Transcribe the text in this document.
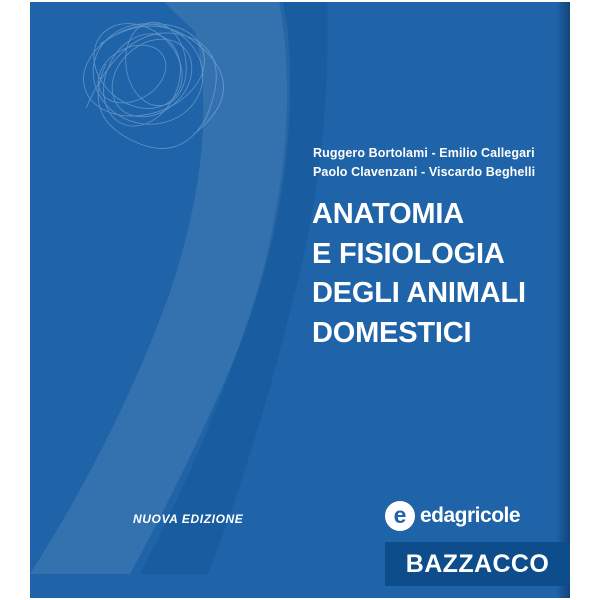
Ruggero Bortolami - Emilio Callegari
Paolo Clavenzani - Viscardo Beghelli
ANATOMIA
E FISIOLOGIA
DEGLI ANIMALI
DOMESTICI
NUOVA EDIZIONE	e edagricole
BAZZACCO
